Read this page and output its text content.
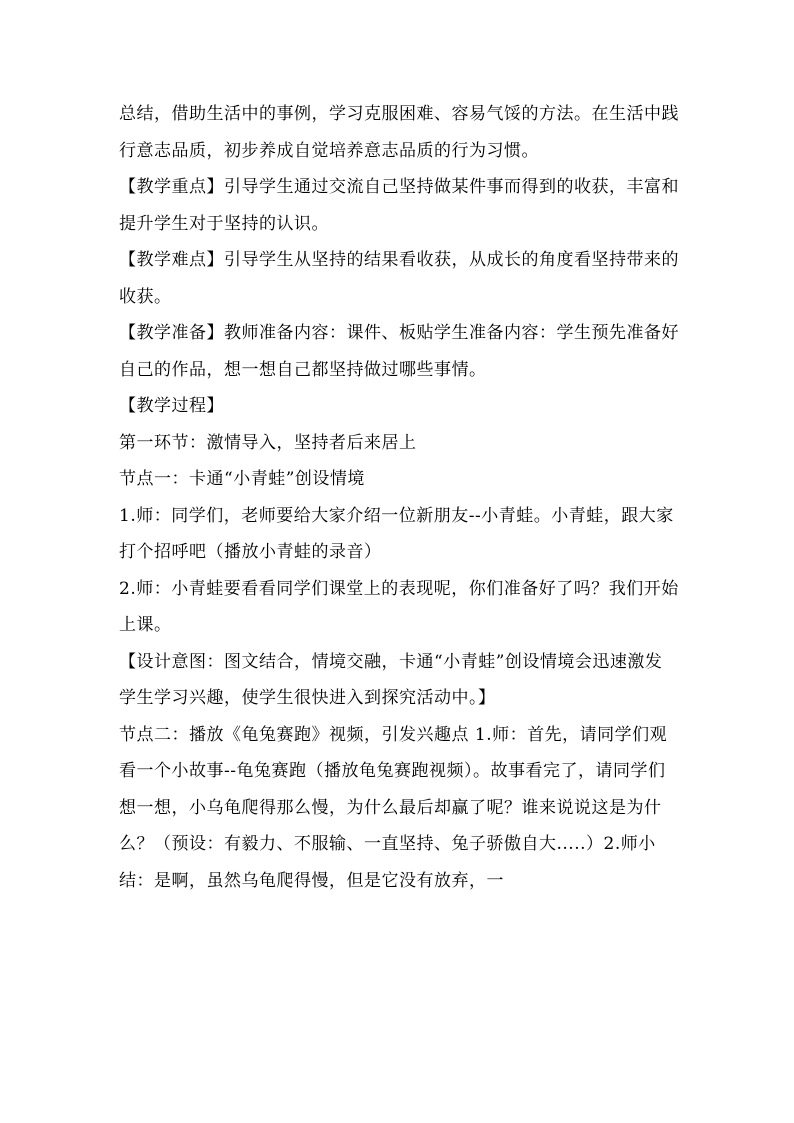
总结，借助生活中的事例，学习克服困难、容易气馁的方法。在生活中践行意志品质，初步养成自觉培养意志品质的行为习惯。

【教学重点】引导学生通过交流自己坚持做某件事而得到的收获，丰富和提升学生对于坚持的认识。

【教学难点】引导学生从坚持的结果看收获，从成长的角度看坚持带来的收获。

【教学准备】教师准备内容：课件、板贴学生准备内容：学生预先准备好自己的作品，想一想自己都坚持做过哪些事情。

【教学过程】

第一环节：激情导入，坚持者后来居上

节点一：卡通“小青蛙”创设情境

1.师：同学们，老师要给大家介绍一位新朋友--小青蛙。小青蛙，跟大家打个招呼吧（播放小青蛙的录音）

2.师：小青蛙要看看同学们课堂上的表现呢，你们准备好了吗？我们开始上课。

【设计意图：图文结合，情境交融，卡通“小青蛙”创设情境会迅速激发学生学习兴趣，使学生很快进入到探究活动中。】

节点二：播放《龟兔赛跑》视频，引发兴趣点 1.师：首先，请同学们观看一个小故事--龟兔赛跑（播放龟兔赛跑视频）。故事看完了，请同学们想一想，小乌龟爬得那么慢，为什么最后却赢了呢？谁来说说这是为什么？（预设：有毅力、不服输、一直坚持、兔子骄傲自大.....）2.师小结：是啊，虽然乌龟爬得慢，但是它没有放弃，一
